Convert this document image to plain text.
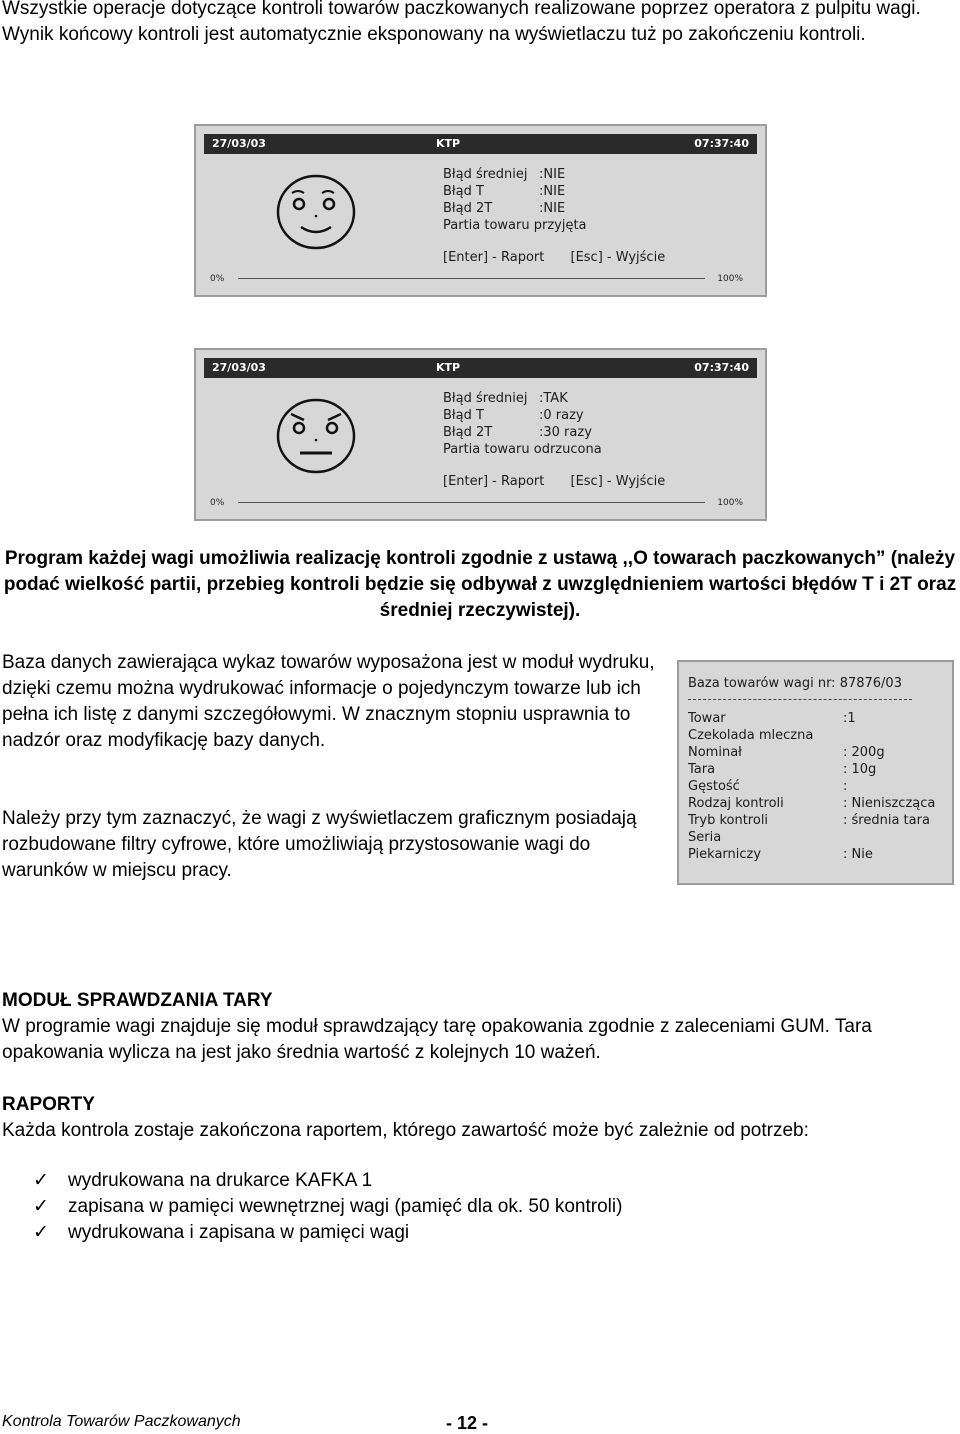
Wszystkie operacje dotyczące kontroli towarów paczkowanych realizowane poprzez operatora z pulpitu wagi. Wynik końcowy kontroli jest automatycznie eksponowany na wyświetlaczu tuż po zakończeniu kontroli.

27/03/03	KTP	07:37:40
Błąd średniej :NIE
Błąd T	:NIE
Błąd 2T	:NIE
Partia towaru przyjęta
[Enter] - Raport [Esc] - Wyjście
0%	100%
27/03/03	KTP	07:37:40
Błąd średniej :TAK
Błąd T	:0 razy
Błąd 2T	:30 razy
Partia towaru odrzucona
[Enter] - Raport [Esc] - Wyjście
0%	100%

Program każdej wagi umożliwia realizację kontroli zgodnie z ustawą ,,O towarach paczkowanych” (należy podać wielkość partii, przebieg kontroli będzie się odbywał z uwzględnieniem wartości błędów T i 2T oraz średniej rzeczywistej).

Baza danych zawierająca wykaz towarów wyposażona jest w moduł wydruku, dzięki czemu można wydrukować informacje o pojedynczym towarze lub ich pełna ich listę z danymi szczegółowymi. W znacznym stopniu usprawnia to nadzór oraz modyfikację bazy danych.

Należy przy tym zaznaczyć, że wagi z wyświetlaczem graficznym posiadają rozbudowane filtry cyfrowe, które umożliwiają przystosowanie wagi do warunków w miejscu pracy.

Baza towarów wagi nr: 87876/03
Towar	:1
Czekolada mleczna
Nominał	: 200g
Tara	: 10g
Gęstość	:
Rodzaj kontroli	: Nieniszcząca
Tryb kontroli	: średnia tara
Seria
Piekarniczy	: Nie
MODUŁ SPRAWDZANIA TARY

W programie wagi znajduje się moduł sprawdzający tarę opakowania zgodnie z zaleceniami GUM. Tara opakowania wylicza na jest jako średnia wartość z kolejnych 10 ważeń.

RAPORTY

Każda kontrola zostaje zakończona raportem, którego zawartość może być zależnie od potrzeb:

✓ wydrukowana na drukarce KAFKA 1
✓ zapisana w pamięci wewnętrznej wagi (pamięć dla ok. 50 kontroli)
✓ wydrukowana i zapisana w pamięci wagi
Kontrola Towarów Paczkowanych	- 12 -
